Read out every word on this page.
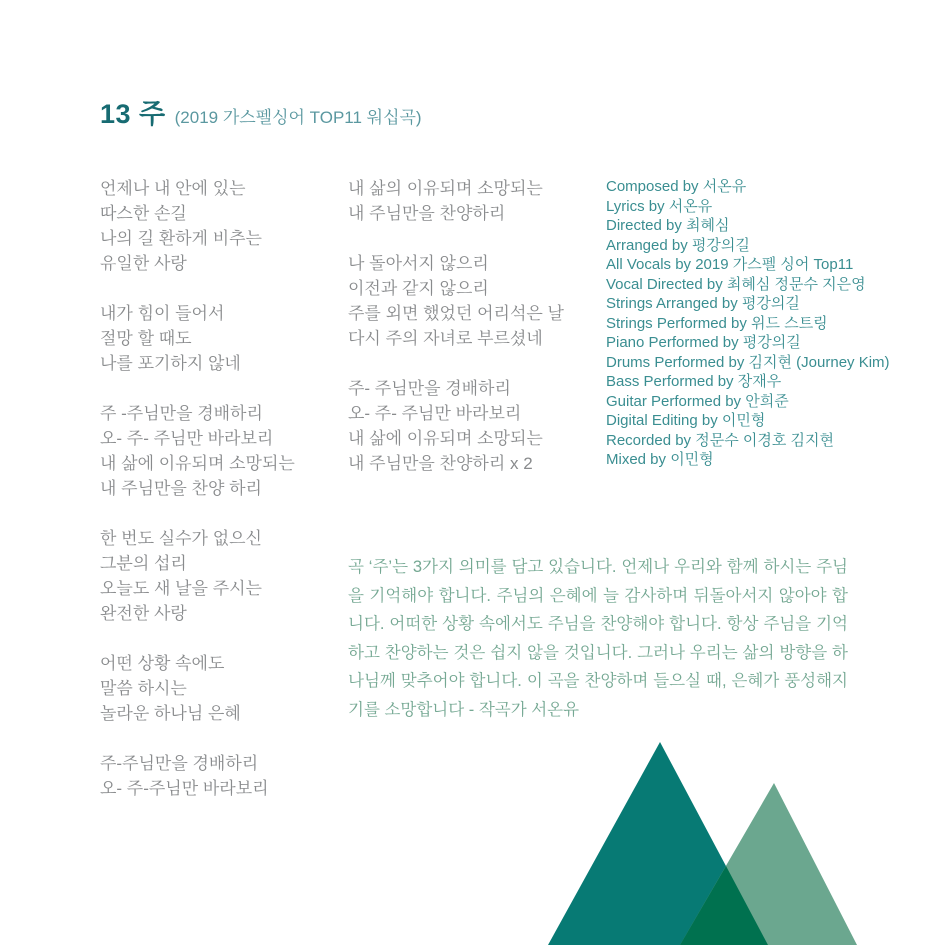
13 주 (2019 가스펠싱어 TOP11 워십곡)
언제나 내 안에 있는
따스한 손길
나의 길 환하게 비추는
유일한 사랑
내가 힘이 들어서
절망 할 때도
나를 포기하지 않네
주 -주님만을 경배하리
오- 주- 주님만 바라보리
내 삶에 이유되며 소망되는
내 주님만을 찬양 하리
한 번도 실수가 없으신
그분의 섭리
오늘도 새 날을 주시는
완전한 사랑
어떤 상황 속에도
말씀 하시는
놀라운 하나님 은혜
주-주님만을 경배하리
오- 주-주님만 바라보리
내 삶의 이유되며 소망되는
내 주님만을 찬양하리
나 돌아서지 않으리
이전과 같지 않으리
주를 외면 했었던 어리석은 날
다시 주의 자녀로 부르셨네
주- 주님만을 경배하리
오- 주- 주님만 바라보리
내 삶에 이유되며 소망되는
내 주님만을 찬양하리 x 2
Composed by 서온유
Lyrics by 서온유
Directed by 최혜심
Arranged by 평강의길
All Vocals by 2019 가스펠 싱어 Top11
Vocal Directed by 최혜심 정문수 지은영
Strings Arranged by 평강의길
Strings Performed by 위드 스트링
Piano Performed by 평강의길
Drums Performed by 김지현 (Journey Kim)
Bass Performed by 장재우
Guitar Performed by 안희준
Digital Editing by 이민형
Recorded by 정문수 이경호 김지현
Mixed by 이민형
곡 ‘주’는 3가지 의미를 담고 있습니다. 언제나 우리와 함께 하시는 주님을 기억해야 합니다. 주님의 은혜에 늘 감사하며 뒤돌아서지 않아야 합니다. 어떠한 상황 속에서도 주님을 찬양해야 합니다. 항상 주님을 기억하고 찬양하는 것은 쉽지 않을 것입니다. 그러나 우리는 삶의 방향을 하나님께 맞추어야 합니다. 이 곡을 찬양하며 들으실 때, 은혜가 풍성해지기를 소망합니다 - 작곡가 서온유
